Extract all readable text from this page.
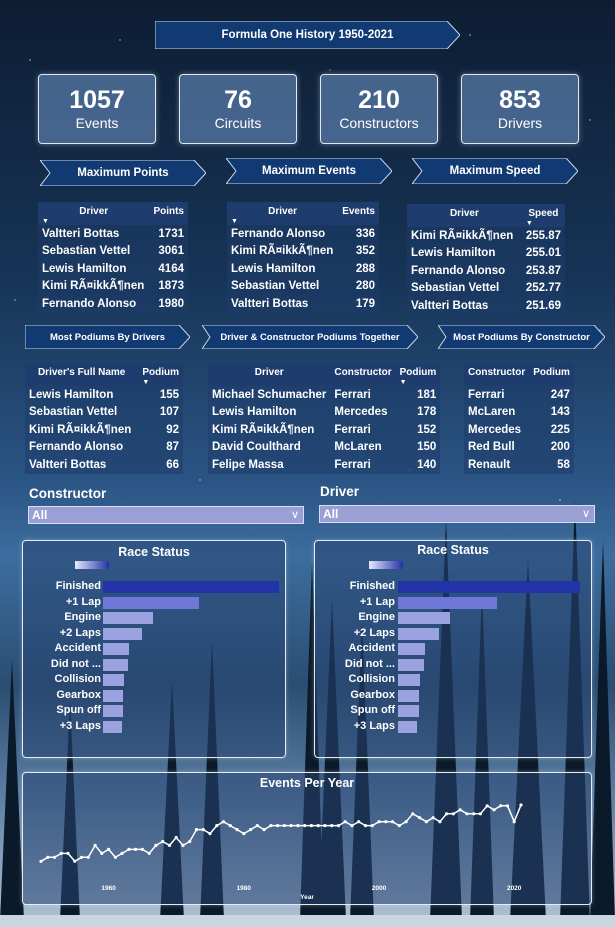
Formula One History 1950-2021
1057
Events
76
Circuits
210
Constructors
853
Drivers
Maximum Points	Maximum Events	Maximum Speed
Driver
▼	Points
Valtteri Bottas	1731
Sebastian Vettel	3061
Lewis Hamilton	4164
Kimi RÃ¤ikkÃ¶nen	1873
Fernando Alonso	1980
Driver
▼	Events
Fernando Alonso	336
Kimi RÃ¤ikkÃ¶nen	352
Lewis Hamilton	288
Sebastian Vettel	280
Valtteri Bottas	179
Driver	Speed
▼

Kimi RÃ¤ikkÃ¶nen	255.87
Lewis Hamilton	255.01
Fernando Alonso	253.87
Sebastian Vettel	252.77
Valtteri Bottas	251.69
Most Podiums By Drivers	Driver & Constructor Podiums Together	Most Podiums By Constructor
Driver's Full Name	Podium
▼

Lewis Hamilton	155
Sebastian Vettel	107
Kimi RÃ¤ikkÃ¶nen	92
Fernando Alonso	87
Valtteri Bottas	66
Driver	Constructor	Podium
▼

Michael Schumacher	Ferrari	181
Lewis Hamilton	Mercedes	178
Kimi RÃ¤ikkÃ¶nen	Ferrari	152
David Coulthard	McLaren	150
Felipe Massa	Ferrari	140
Constructor	Podium
Ferrari	247
McLaren	143
Mercedes	225
Red Bull	200
Renault	58
Constructor
All	∨
Driver
All	∨
Race Status
Finished
+1 Lap
Engine
+2 Laps
Accident
Did not ...
Collision
Gearbox
Spun off
+3 Laps
Race Status
Finished
+1 Lap
Engine
+2 Laps
Accident
Did not ...
Collision
Gearbox
Spun off
+3 Laps
Events Per Year
1960	1980	2000	2020
Year
